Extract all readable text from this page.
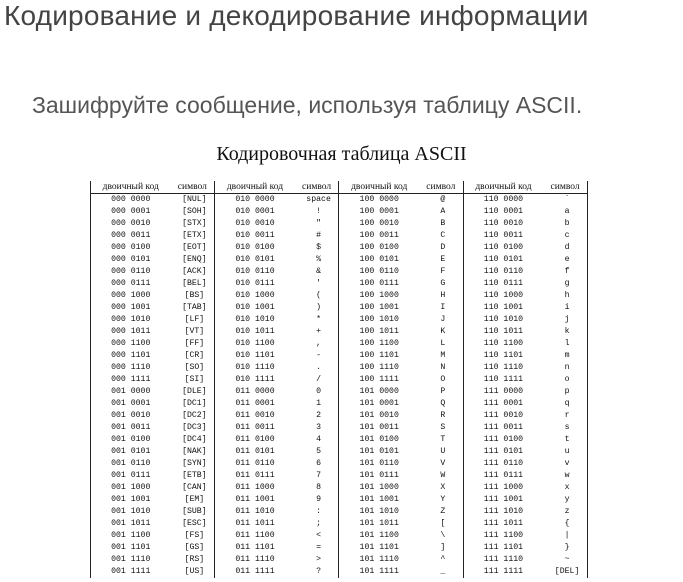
Кодирование и декодирование информации
Зашифруйте сообщение, используя таблицу ASCII.
Кодировочная таблица ASCII
двоичный код	символ	двоичный код	символ	двоичный код	символ	двоичный код	символ
000 0000	[NUL]	010 0000	space	100 0000	@	110 0000	`
000 0001	[SOH]	010 0001	!	100 0001	A	110 0001	a
000 0010	[STX]	010 0010	"	100 0010	B	110 0010	b
000 0011	[ETX]	010 0011	#	100 0011	C	110 0011	c
000 0100	[EOT]	010 0100	$	100 0100	D	110 0100	d
000 0101	[ENQ]	010 0101	%	100 0101	E	110 0101	e
000 0110	[ACK]	010 0110	&	100 0110	F	110 0110	f
000 0111	[BEL]	010 0111	'	100 0111	G	110 0111	g
000 1000	[BS]	010 1000	(	100 1000	H	110 1000	h
000 1001	[TAB]	010 1001	)	100 1001	I	110 1001	i
000 1010	[LF]	010 1010	*	100 1010	J	110 1010	j
000 1011	[VT]	010 1011	+	100 1011	K	110 1011	k
000 1100	[FF]	010 1100	,	100 1100	L	110 1100	l
000 1101	[CR]	010 1101	-	100 1101	M	110 1101	m
000 1110	[SO]	010 1110	.	100 1110	N	110 1110	n
000 1111	[SI]	010 1111	/	100 1111	O	110 1111	o
001 0000	[DLE]	011 0000	0	101 0000	P	111 0000	p
001 0001	[DC1]	011 0001	1	101 0001	Q	111 0001	q
001 0010	[DC2]	011 0010	2	101 0010	R	111 0010	r
001 0011	[DC3]	011 0011	3	101 0011	S	111 0011	s
001 0100	[DC4]	011 0100	4	101 0100	T	111 0100	t
001 0101	[NAK]	011 0101	5	101 0101	U	111 0101	u
001 0110	[SYN]	011 0110	6	101 0110	V	111 0110	v
001 0111	[ETB]	011 0111	7	101 0111	W	111 0111	w
001 1000	[CAN]	011 1000	8	101 1000	X	111 1000	x
001 1001	[EM]	011 1001	9	101 1001	Y	111 1001	y
001 1010	[SUB]	011 1010	:	101 1010	Z	111 1010	z
001 1011	[ESC]	011 1011	;	101 1011	[	111 1011	{
001 1100	[FS]	011 1100	<	101 1100	\	111 1100	|
001 1101	[GS]	011 1101	=	101 1101	]	111 1101	}
001 1110	[RS]	011 1110	>	101 1110	^	111 1110	~
001 1111	[US]	011 1111	?	101 1111	_	111 1111	[DEL]
